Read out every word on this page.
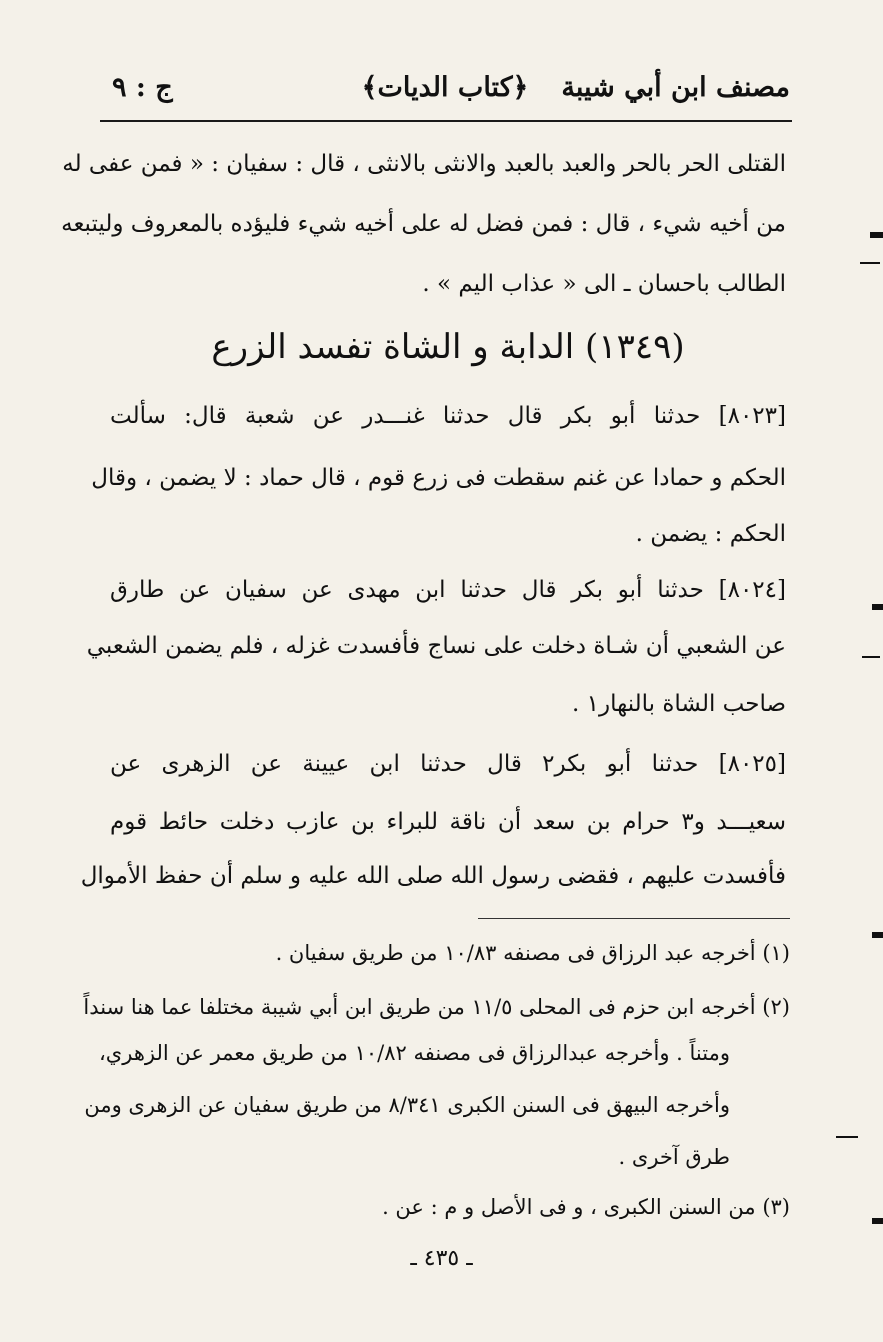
مصنف ابن أبي شيبة
﴿كتاب الديات﴾
ج : ٩
القتلى الحر بالحر والعبد بالعبد والانثى بالانثى ، قال : سفيان : « فمن عفى له
من أخيه شيء ، قال : فمن فضل له على أخيه شيء فليؤده بالمعروف وليتبعه
الطالب باحسان ـ الى « عذاب اليم » .
(١٣٤٩) الدابة و الشاة تفسد الزرع
[٨٠٢٣] حدثنا أبو بكر قال حدثنا غنـــدر عن شعبة قال: سألت
الحكم و حمادا عن غنم سقطت فى زرع قوم ، قال حماد : لا يضمن ، وقال
الحكم : يضمن .
[٨٠٢٤] حدثنا أبو بكر قال حدثنا ابن مهدى عن سفيان عن طارق
عن الشعبي أن شـاة دخلت على نساج فأفسدت غزله ، فلم يضمن الشعبي
صاحب الشاة بالنهار١ .
[٨٠٢٥] حدثنا أبو بكر٢ قال حدثنا ابن عيينة عن الزهرى عن
سعيـــد و٣ حرام بن سعد أن ناقة للبراء بن عازب دخلت حائط قوم
فأفسدت عليهم ، فقضى رسول الله صلى الله عليه و سلم أن حفظ الأموال
(١) أخرجه عبد الرزاق فى مصنفه ١٠/٨٣ من طريق سفيان .
(٢) أخرجه ابن حزم فى المحلى ١١/٥ من طريق ابن أبي شيبة مختلفا عما هنا سنداً
ومتناً . وأخرجه عبدالرزاق فى مصنفه ١٠/٨٢ من طريق معمر عن الزهري،
وأخرجه البيهق فى السنن الكبرى ٨/٣٤١ من طريق سفيان عن الزهرى ومن
طرق آخرى .
(٣) من السنن الكبرى ، و فى الأصل و م : عن .
ـ ٤٣٥ ـ
